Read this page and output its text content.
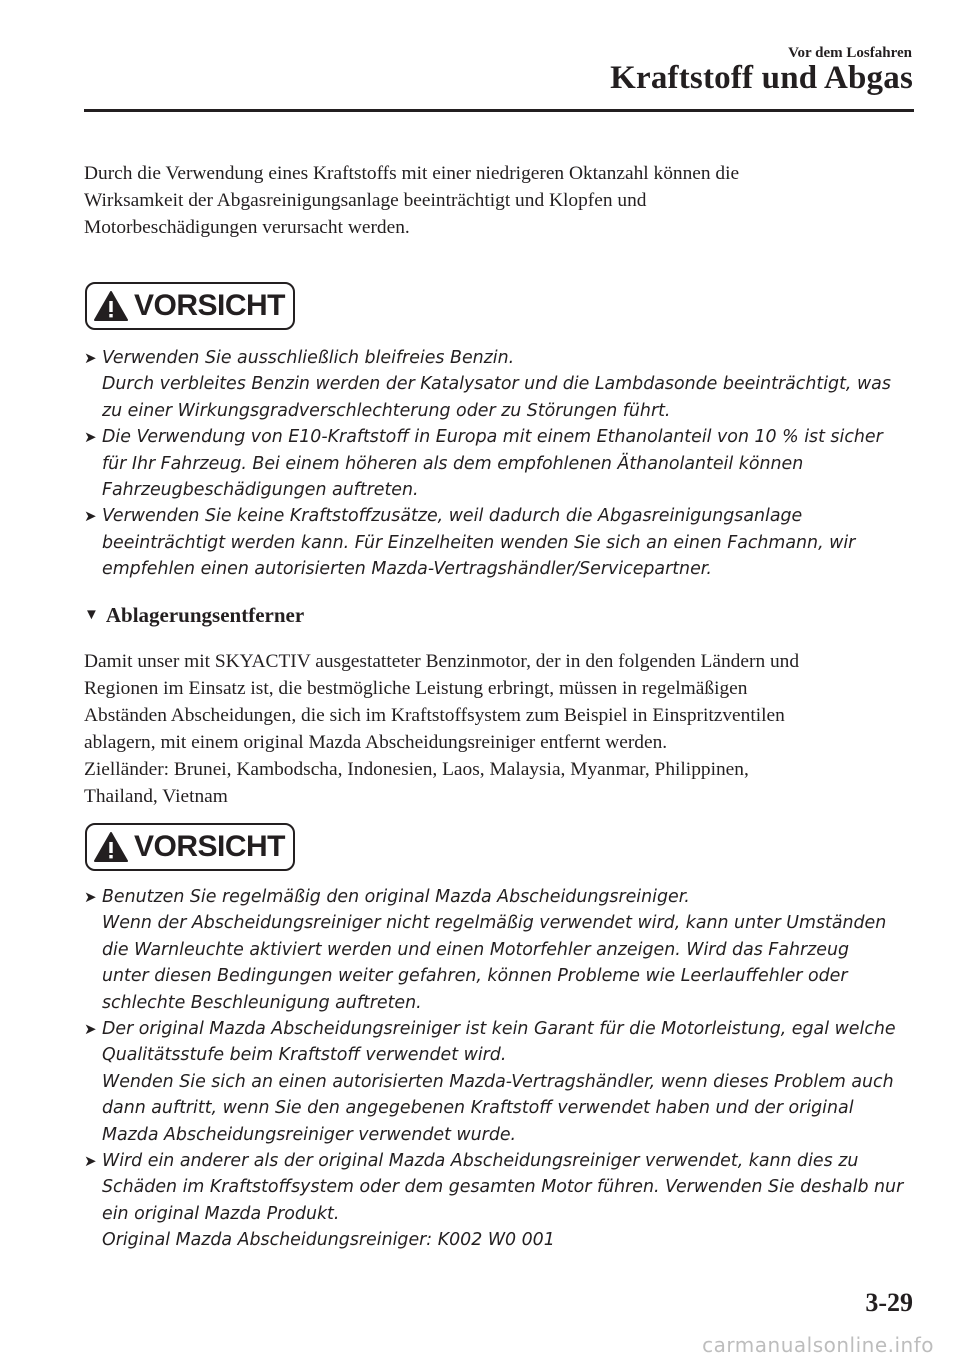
Vor dem Losfahren
Kraftstoff und Abgas
Durch die Verwendung eines Kraftstoffs mit einer niedrigeren Oktanzahl können die
Wirksamkeit der Abgasreinigungsanlage beeinträchtigt und Klopfen und
Motorbeschädigungen verursacht werden.
VORSICHT
➤ Verwenden Sie ausschließlich bleifreies Benzin.
Durch verbleites Benzin werden der Katalysator und die Lambdasonde beeinträchtigt, was
zu einer Wirkungsgradverschlechterung oder zu Störungen führt.
➤ Die Verwendung von E10-Kraftstoff in Europa mit einem Ethanolanteil von 10 % ist sicher
für Ihr Fahrzeug. Bei einem höheren als dem empfohlenen Äthanolanteil können
Fahrzeugbeschädigungen auftreten.
➤ Verwenden Sie keine Kraftstoffzusätze, weil dadurch die Abgasreinigungsanlage
beeinträchtigt werden kann. Für Einzelheiten wenden Sie sich an einen Fachmann, wir
empfehlen einen autorisierten Mazda-Vertragshändler/Servicepartner.
▼ Ablagerungsentferner
Damit unser mit SKYACTIV ausgestatteter Benzinmotor, der in den folgenden Ländern und
Regionen im Einsatz ist, die bestmögliche Leistung erbringt, müssen in regelmäßigen
Abständen Abscheidungen, die sich im Kraftstoffsystem zum Beispiel in Einspritzventilen
ablagern, mit einem original Mazda Abscheidungsreiniger entfernt werden.
Zielländer: Brunei, Kambodscha, Indonesien, Laos, Malaysia, Myanmar, Philippinen,
Thailand, Vietnam
VORSICHT
➤ Benutzen Sie regelmäßig den original Mazda Abscheidungsreiniger.
Wenn der Abscheidungsreiniger nicht regelmäßig verwendet wird, kann unter Umständen
die Warnleuchte aktiviert werden und einen Motorfehler anzeigen. Wird das Fahrzeug
unter diesen Bedingungen weiter gefahren, können Probleme wie Leerlauffehler oder
schlechte Beschleunigung auftreten.
➤ Der original Mazda Abscheidungsreiniger ist kein Garant für die Motorleistung, egal welche
Qualitätsstufe beim Kraftstoff verwendet wird.
Wenden Sie sich an einen autorisierten Mazda-Vertragshändler, wenn dieses Problem auch
dann auftritt, wenn Sie den angegebenen Kraftstoff verwendet haben und der original
Mazda Abscheidungsreiniger verwendet wurde.
➤ Wird ein anderer als der original Mazda Abscheidungsreiniger verwendet, kann dies zu
Schäden im Kraftstoffsystem oder dem gesamten Motor führen. Verwenden Sie deshalb nur
ein original Mazda Produkt.
Original Mazda Abscheidungsreiniger: K002 W0 001
3-29
carmanualsonline.info
